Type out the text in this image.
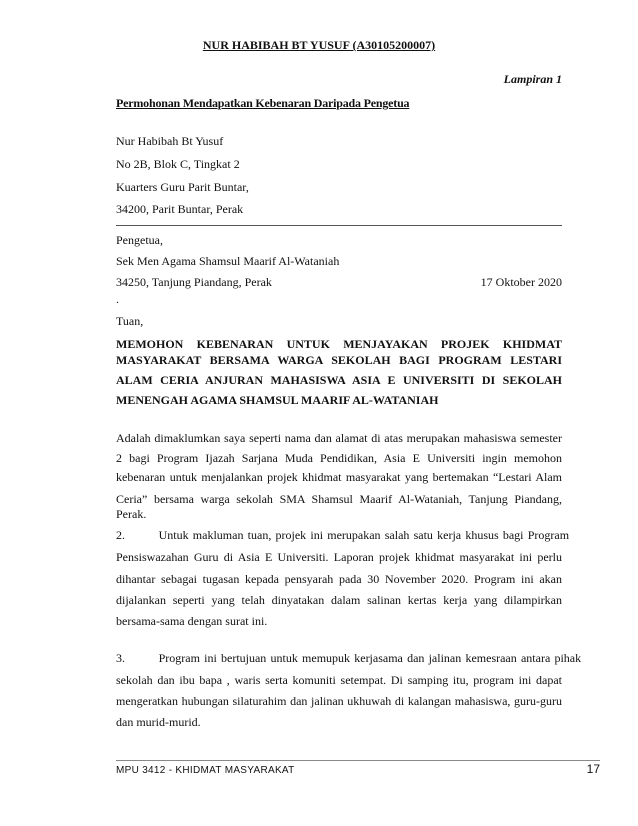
NUR HABIBAH BT YUSUF (A30105200007)
Lampiran 1
Permohonan Mendapatkan Kebenaran Daripada Pengetua
Nur Habibah Bt Yusuf
No 2B, Blok C, Tingkat 2
Kuarters Guru Parit Buntar,
34200, Parit Buntar, Perak
Pengetua,
Sek Men Agama Shamsul Maarif Al-Wataniah
34250, Tanjung Piandang, Perak	17 Oktober 2020
.
Tuan,
MEMOHON KEBENARAN UNTUK MENJAYAKAN PROJEK KHIDMAT
MASYARAKAT BERSAMA WARGA SEKOLAH BAGI PROGRAM LESTARI
ALAM CERIA ANJURAN MAHASISWA ASIA E UNIVERSITI DI SEKOLAH
MENENGAH AGAMA SHAMSUL MAARIF AL-WATANIAH
Adalah dimaklumkan saya seperti nama dan alamat di atas merupakan mahasiswa semester
2 bagi Program Ijazah Sarjana Muda Pendidikan, Asia E Universiti ingin memohon
kebenaran untuk menjalankan projek khidmat masyarakat yang bertemakan “Lestari Alam
Ceria” bersama warga sekolah SMA Shamsul Maarif Al-Wataniah, Tanjung Piandang, Perak.
2.        Untuk makluman tuan, projek ini merupakan salah satu kerja khusus bagi Program
Pensiswazahan Guru di Asia E Universiti. Laporan projek khidmat masyarakat ini perlu
dihantar sebagai tugasan kepada pensyarah pada 30 November 2020. Program ini akan
dijalankan seperti yang telah dinyatakan dalam salinan kertas kerja yang dilampirkan
bersama-sama dengan surat ini.
3.        Program ini bertujuan untuk memupuk kerjasama dan jalinan kemesraan antara pihak
sekolah dan ibu bapa , waris serta komuniti setempat. Di samping itu, program ini dapat
mengeratkan hubungan silaturahim dan jalinan ukhuwah di kalangan mahasiswa, guru-guru
dan murid-murid.
MPU 3412 - KHIDMAT MASYARAKAT	17
